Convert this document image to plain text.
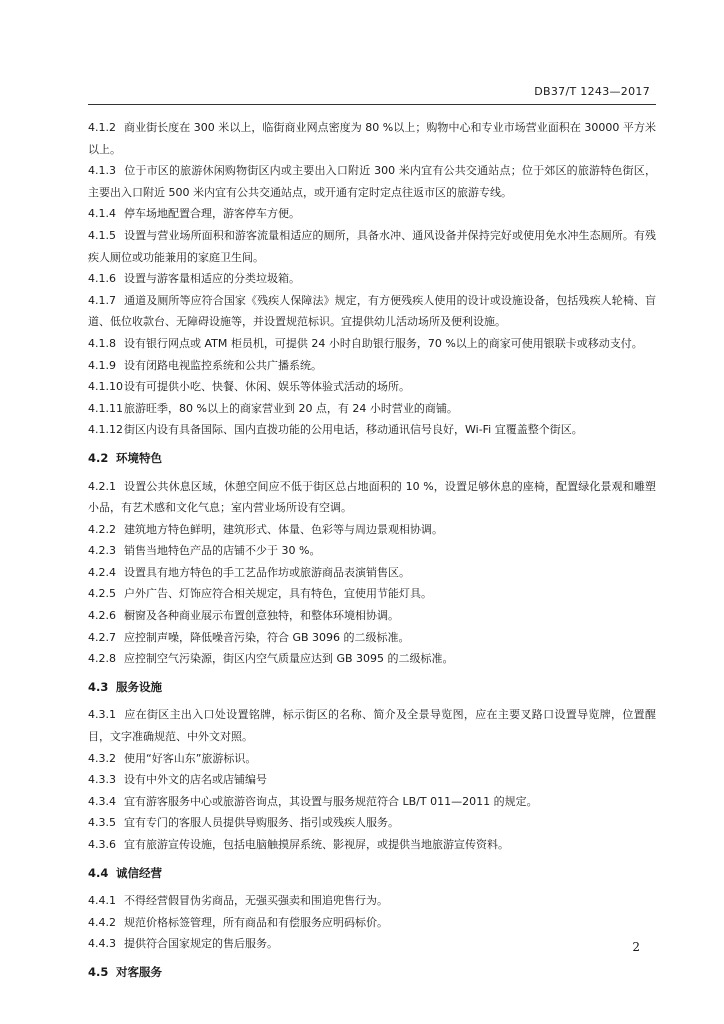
DB37/T 1243—2017

4.1.2 商业街长度在 300 米以上，临街商业网点密度为 80 %以上；购物中心和专业市场营业面积在 30000 平方米以上。

4.1.3 位于市区的旅游休闲购物街区内或主要出入口附近 300 米内宜有公共交通站点；位于郊区的旅游特色街区，主要出入口附近 500 米内宜有公共交通站点，或开通有定时定点往返市区的旅游专线。

4.1.4 停车场地配置合理，游客停车方便。

4.1.5 设置与营业场所面积和游客流量相适应的厕所，具备水冲、通风设备并保持完好或使用免水冲生态厕所。有残疾人厕位或功能兼用的家庭卫生间。

4.1.6 设置与游客量相适应的分类垃圾箱。

4.1.7 通道及厕所等应符合国家《残疾人保障法》规定，有方便残疾人使用的设计或设施设备，包括残疾人轮椅、盲道、低位收款台、无障碍设施等，并设置规范标识。宜提供幼儿活动场所及便利设施。

4.1.8 设有银行网点或 ATM 柜员机，可提供 24 小时自助银行服务，70 %以上的商家可使用银联卡或移动支付。

4.1.9 设有闭路电视监控系统和公共广播系统。

4.1.10设有可提供小吃、快餐、休闲、娱乐等体验式活动的场所。

4.1.11旅游旺季，80 %以上的商家营业到 20 点，有 24 小时营业的商铺。

4.1.12街区内设有具备国际、国内直拨功能的公用电话，移动通讯信号良好，Wi-Fi 宜覆盖整个街区。

4.2 环境特色

4.2.1 设置公共休息区域，休憩空间应不低于街区总占地面积的 10 %，设置足够休息的座椅，配置绿化景观和雕塑小品，有艺术感和文化气息；室内营业场所设有空调。

4.2.2 建筑地方特色鲜明，建筑形式、体量、色彩等与周边景观相协调。

4.2.3 销售当地特色产品的店铺不少于 30 %。

4.2.4 设置具有地方特色的手工艺品作坊或旅游商品表演销售区。

4.2.5 户外广告、灯饰应符合相关规定，具有特色，宜使用节能灯具。

4.2.6 橱窗及各种商业展示布置创意独特，和整体环境相协调。

4.2.7 应控制声噪，降低噪音污染，符合 GB 3096 的二级标准。

4.2.8 应控制空气污染源，街区内空气质量应达到 GB 3095 的二级标准。

4.3 服务设施

4.3.1 应在街区主出入口处设置铭牌，标示街区的名称、简介及全景导览图，应在主要叉路口设置导览牌，位置醒目，文字准确规范、中外文对照。

4.3.2 使用“好客山东”旅游标识。

4.3.3 设有中外文的店名或店铺编号

4.3.4 宜有游客服务中心或旅游咨询点，其设置与服务规范符合 LB/T 011—2011 的规定。

4.3.5 宜有专门的客服人员提供导购服务、指引或残疾人服务。

4.3.6 宜有旅游宣传设施，包括电脑触摸屏系统、影视屏，或提供当地旅游宣传资料。

4.4 诚信经营

4.4.1 不得经营假冒伪劣商品，无强买强卖和围追兜售行为。

4.4.2 规范价格标签管理，所有商品和有偿服务应明码标价。

4.4.3 提供符合国家规定的售后服务。

4.5 对客服务
2
